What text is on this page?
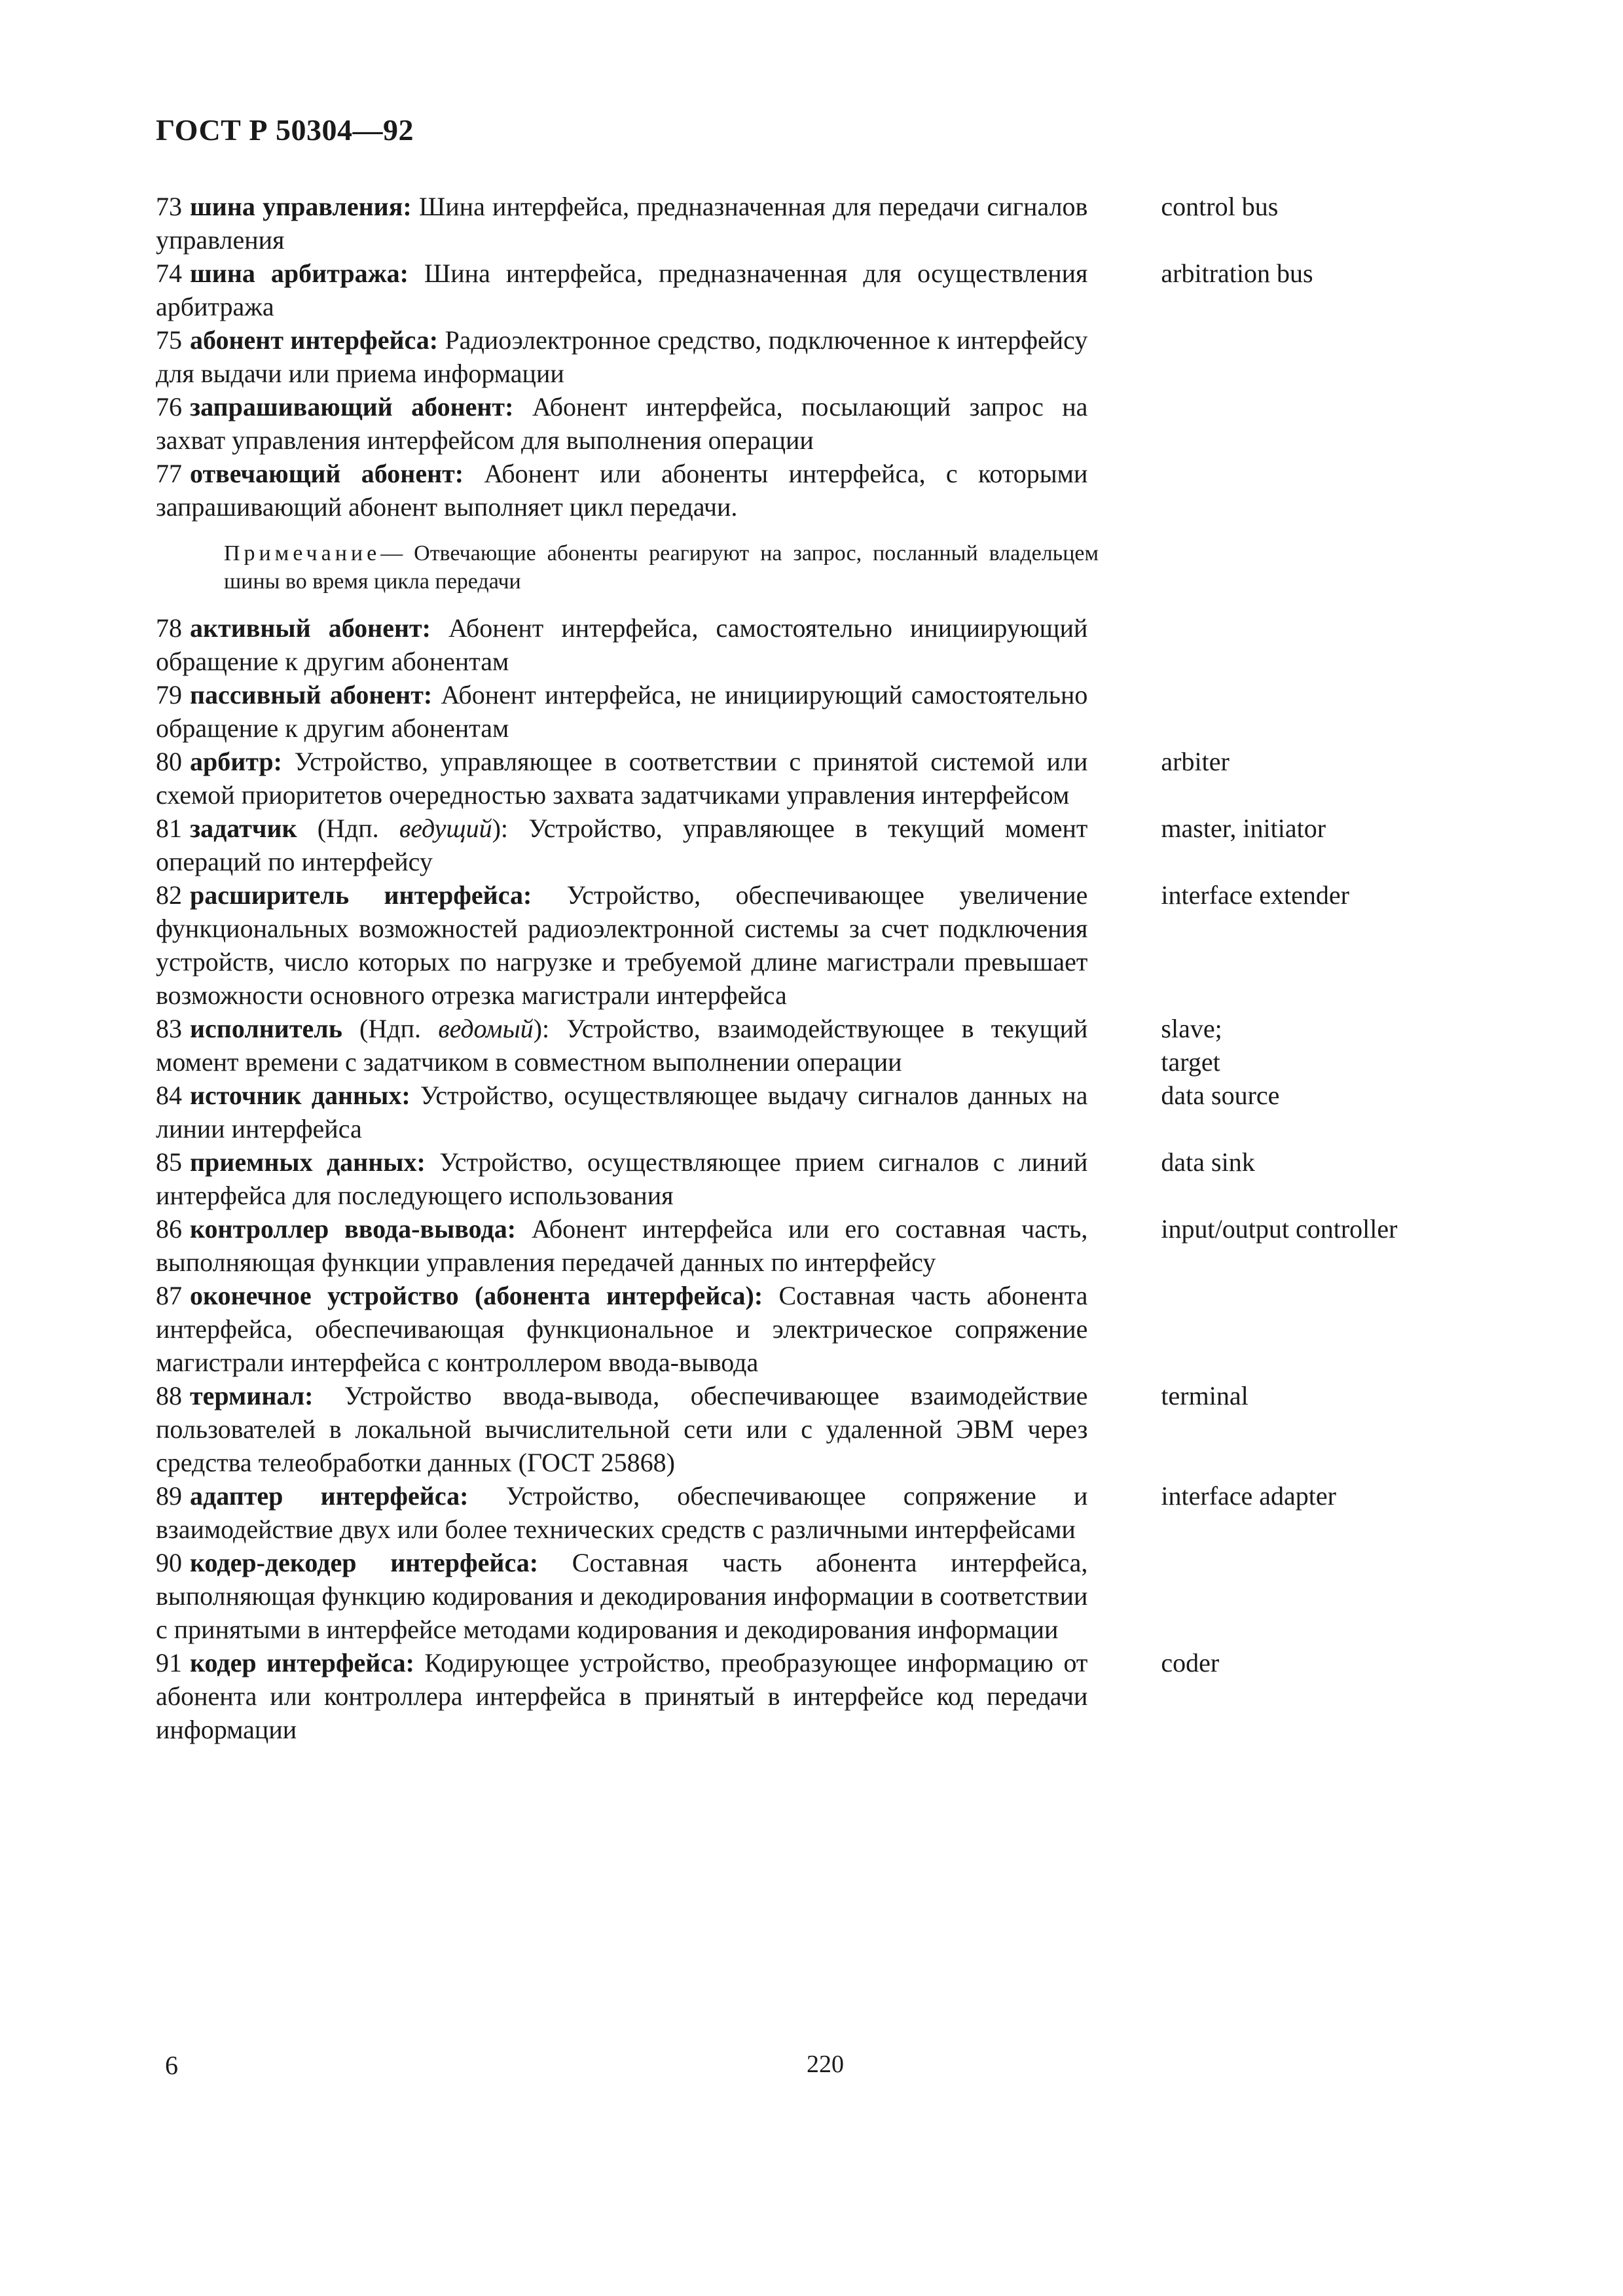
ГОСТ Р 50304—92
73 шина управления: Шина интерфейса, предназначенная для передачи сигналов управления
control bus
74 шина арбитража: Шина интерфейса, предназначенная для осуществления арбитража
arbitration bus
75 абонент интерфейса: Радиоэлектронное средство, подключенное к интерфейсу для выдачи или приема информации
76 запрашивающий абонент: Абонент интерфейса, посылающий запрос на захват управления интерфейсом для выполнения операции
77 отвечающий абонент: Абонент или абоненты интерфейса, с которыми запрашивающий абонент выполняет цикл передачи.
Примечание— Отвечающие абоненты реагируют на запрос, посланный владельцем шины во время цикла передачи
78 активный абонент: Абонент интерфейса, самостоятельно инициирующий обращение к другим абонентам
79 пассивный абонент: Абонент интерфейса, не инициирующий самостоятельно обращение к другим абонентам
80 арбитр: Устройство, управляющее в соответствии с принятой системой или схемой приоритетов очередностью захвата задатчиками управления интерфейсом
arbiter
81 задатчик (Ндп. ведущий): Устройство, управляющее в текущий момент операций по интерфейсу
master, initiator
82 расширитель интерфейса: Устройство, обеспечивающее увеличение функциональных возможностей радиоэлектронной системы за счет подключения устройств, число которых по нагрузке и требуемой длине магистрали превышает возможности основного отрезка магистрали интерфейса
interface extender
83 исполнитель (Ндп. ведомый): Устройство, взаимодействующее в текущий момент времени с задатчиком в совместном выполнении операции
slave;
target
84 источник данных: Устройство, осуществляющее выдачу сигналов данных на линии интерфейса
data source
85 приемных данных: Устройство, осуществляющее прием сигналов с линий интерфейса для последующего использования
data sink
86 контроллер ввода-вывода: Абонент интерфейса или его составная часть, выполняющая функции управления передачей данных по интерфейсу
input/output controller
87 оконечное устройство (абонента интерфейса): Составная часть абонента интерфейса, обеспечивающая функциональное и электрическое сопряжение магистрали интерфейса с контроллером ввода-вывода
88 терминал: Устройство ввода-вывода, обеспечивающее взаимодействие пользователей в локальной вычислительной сети или с удаленной ЭВМ через средства телеобработки данных (ГОСТ 25868)
terminal
89 адаптер интерфейса: Устройство, обеспечивающее сопряжение и взаимодействие двух или более технических средств с различными интерфейсами
interface adapter
90 кодер-декодер интерфейса: Составная часть абонента интерфейса, выполняющая функцию кодирования и декодирования информации в соответствии с принятыми в интерфейсе методами кодирования и декодирования информации
91 кодер интерфейса: Кодирующее устройство, преобразующее информацию от абонента или контроллера интерфейса в принятый в интерфейсе код передачи информации
coder
6	220
